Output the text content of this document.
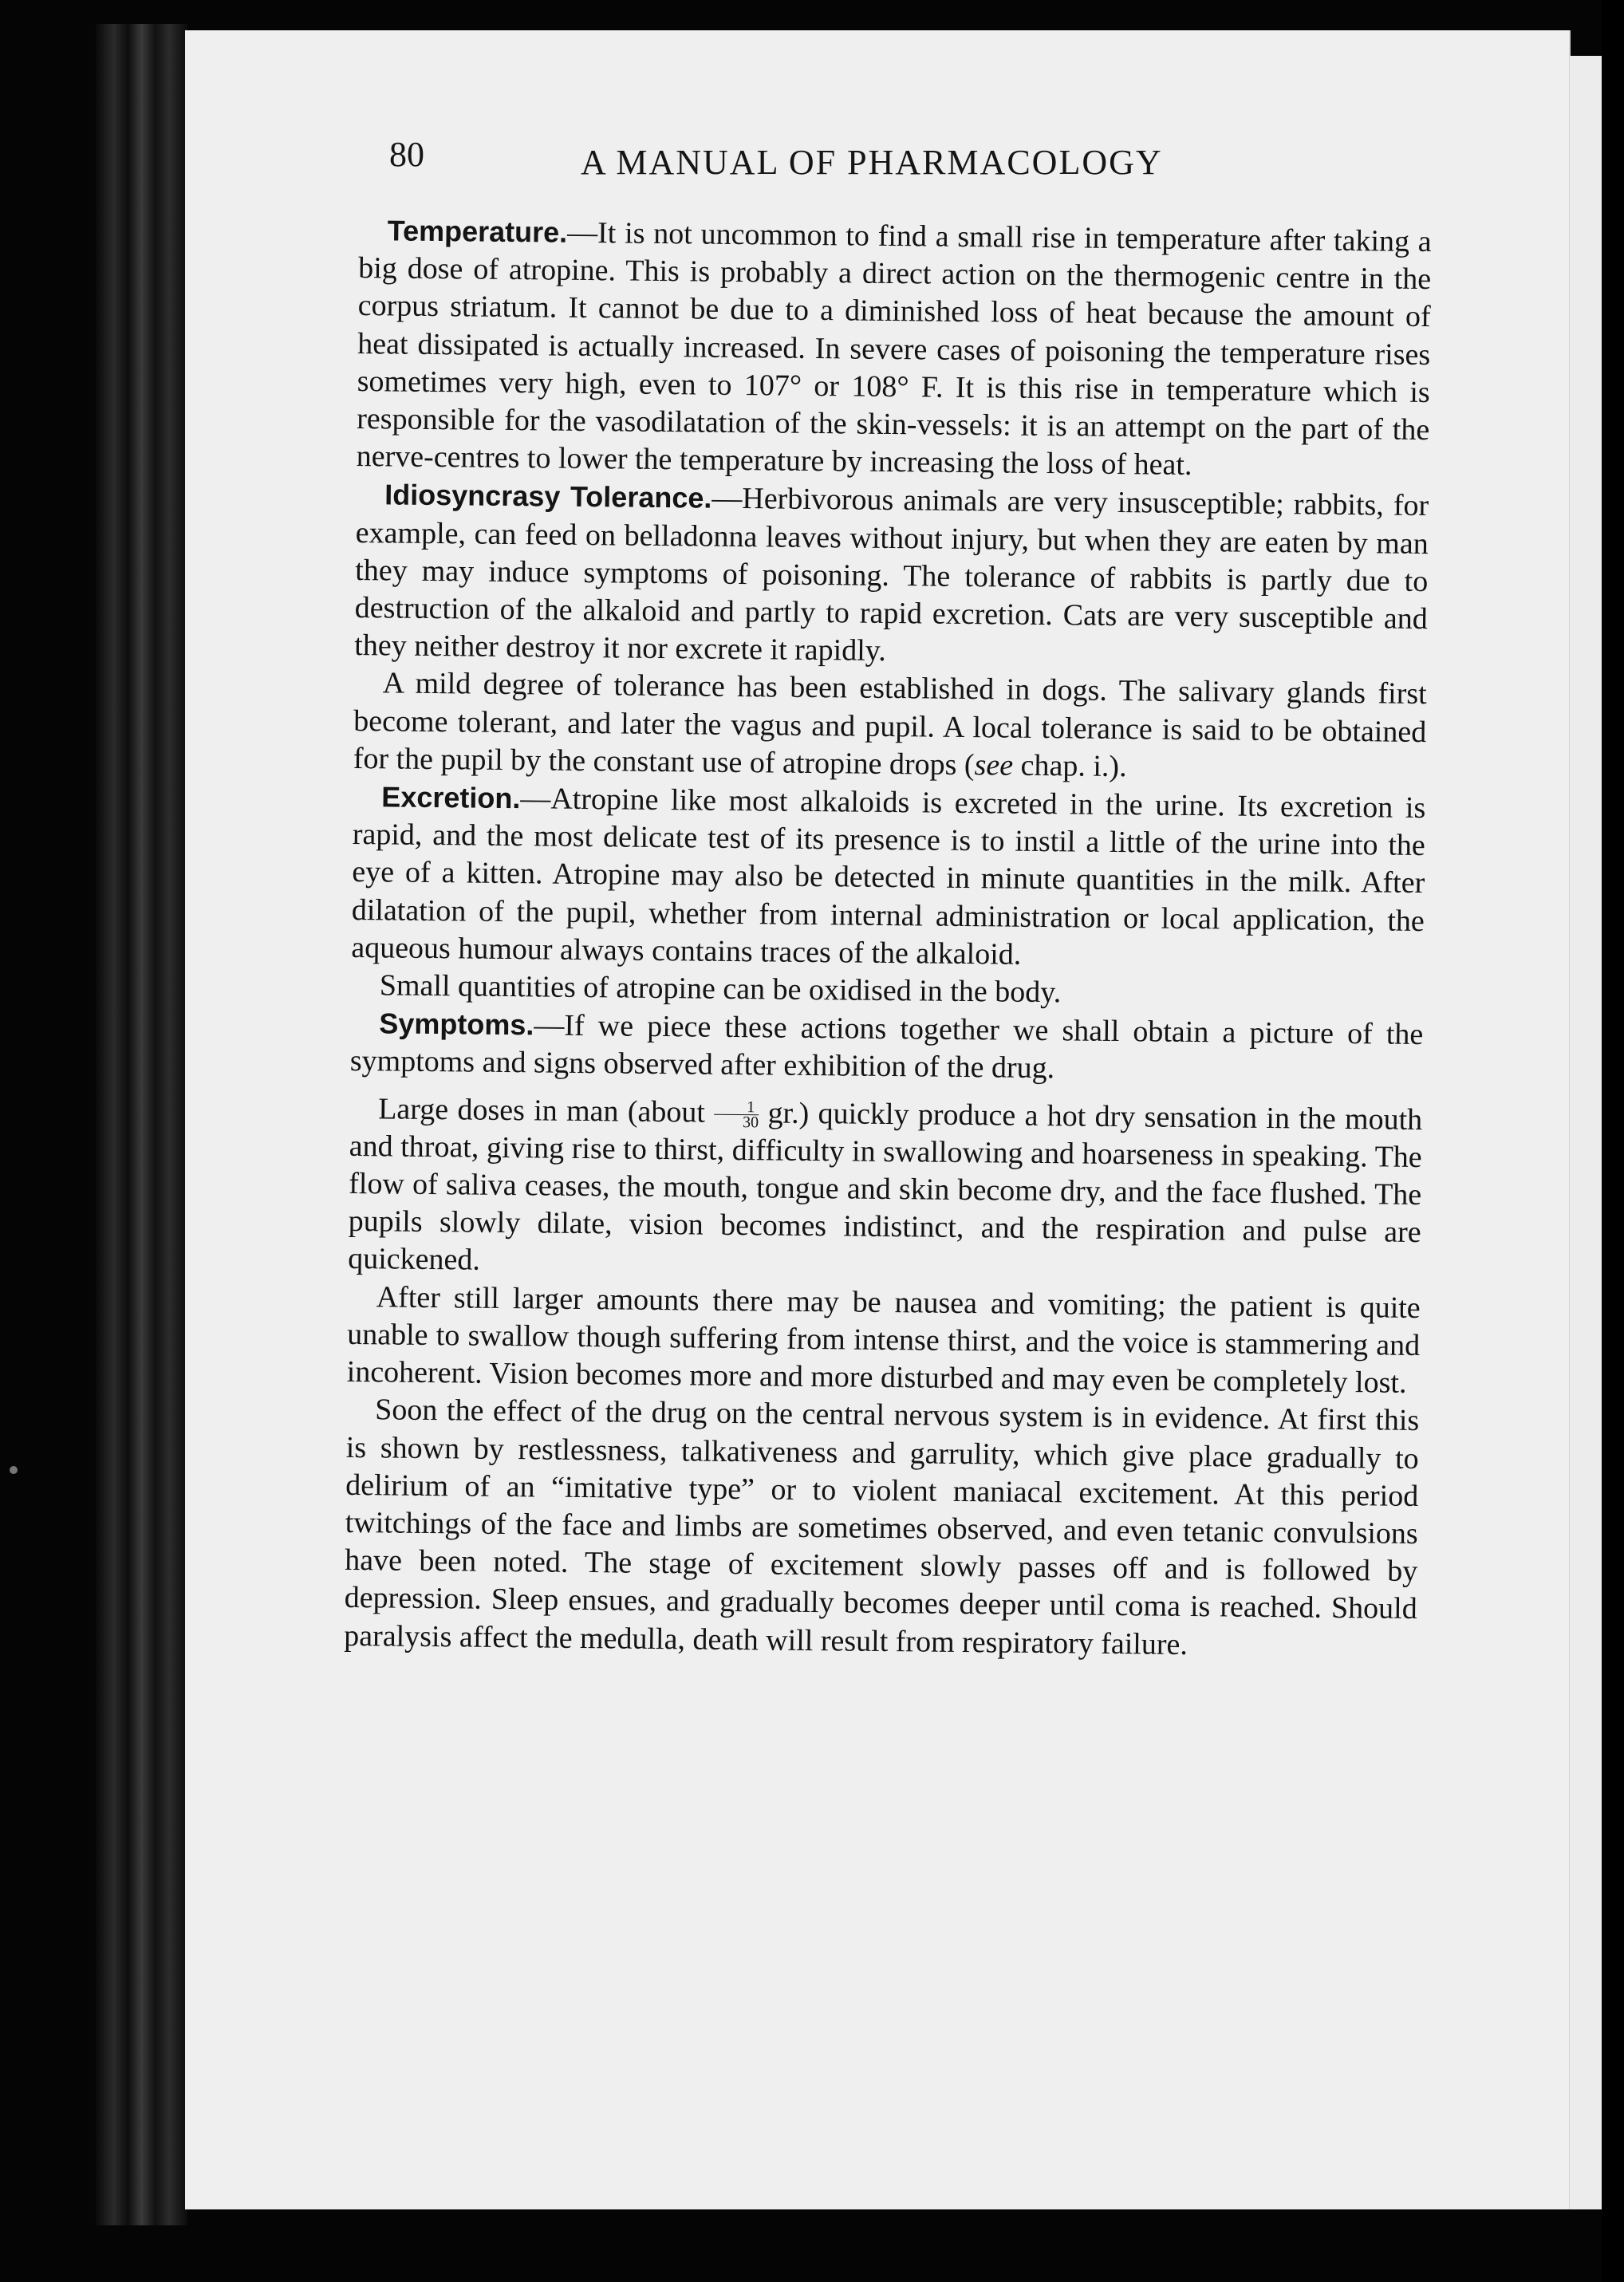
80	A MANUAL OF PHARMACOLOGY

Temperature.—It is not uncommon to find a small rise in temperature after taking a big dose of atropine. This is probably a direct action on the thermogenic centre in the corpus striatum. It cannot be due to a diminished loss of heat because the amount of heat dissipated is actually increased. In severe cases of poisoning the temperature rises sometimes very high, even to 107° or 108° F. It is this rise in temperature which is responsible for the vasodilatation of the skin-vessels: it is an attempt on the part of the nerve-centres to lower the temperature by increasing the loss of heat.

Idiosyncrasy Tolerance.—Herbivorous animals are very insusceptible; rabbits, for example, can feed on belladonna leaves without injury, but when they are eaten by man they may induce symptoms of poisoning. The tolerance of rabbits is partly due to destruction of the alkaloid and partly to rapid excretion. Cats are very susceptible and they neither destroy it nor excrete it rapidly.

A mild degree of tolerance has been established in dogs. The salivary glands first become tolerant, and later the vagus and pupil. A local tolerance is said to be obtained for the pupil by the constant use of atropine drops (see chap. i.).

Excretion.—Atropine like most alkaloids is excreted in the urine. Its excretion is rapid, and the most delicate test of its presence is to instil a little of the urine into the eye of a kitten. Atropine may also be detected in minute quantities in the milk. After dilatation of the pupil, whether from internal administration or local application, the aqueous humour always contains traces of the alkaloid.

Small quantities of atropine can be oxidised in the body.

Symptoms.—If we piece these actions together we shall obtain a picture of the symptoms and signs observed after exhibition of the drug.

Large doses in man (about $\frac{1}{30} gr$.) quickly produce a hot dry sensation in the mouth and throat, giving rise to thirst, difficulty in swallowing and hoarseness in speaking. The flow of saliva ceases, the mouth, tongue and skin become dry, and the face flushed. The pupils slowly dilate, vision becomes indistinct, and the respiration and pulse are quickened.

After still larger amounts there may be nausea and vomiting; the patient is quite unable to swallow though suffering from intense thirst, and the voice is stammering and incoherent. Vision becomes more and more disturbed and may even be completely lost.

Soon the effect of the drug on the central nervous system is in evidence. At first this is shown by restlessness, talkativeness and garrulity, which give place gradually to delirium of an “imitative type” or to violent maniacal excitement. At this period twitchings of the face and limbs are sometimes observed, and even tetanic convulsions have been noted. The stage of excitement slowly passes off and is followed by depression. Sleep ensues, and gradually becomes deeper until coma is reached. Should paralysis affect the medulla, death will result from respiratory failure.
